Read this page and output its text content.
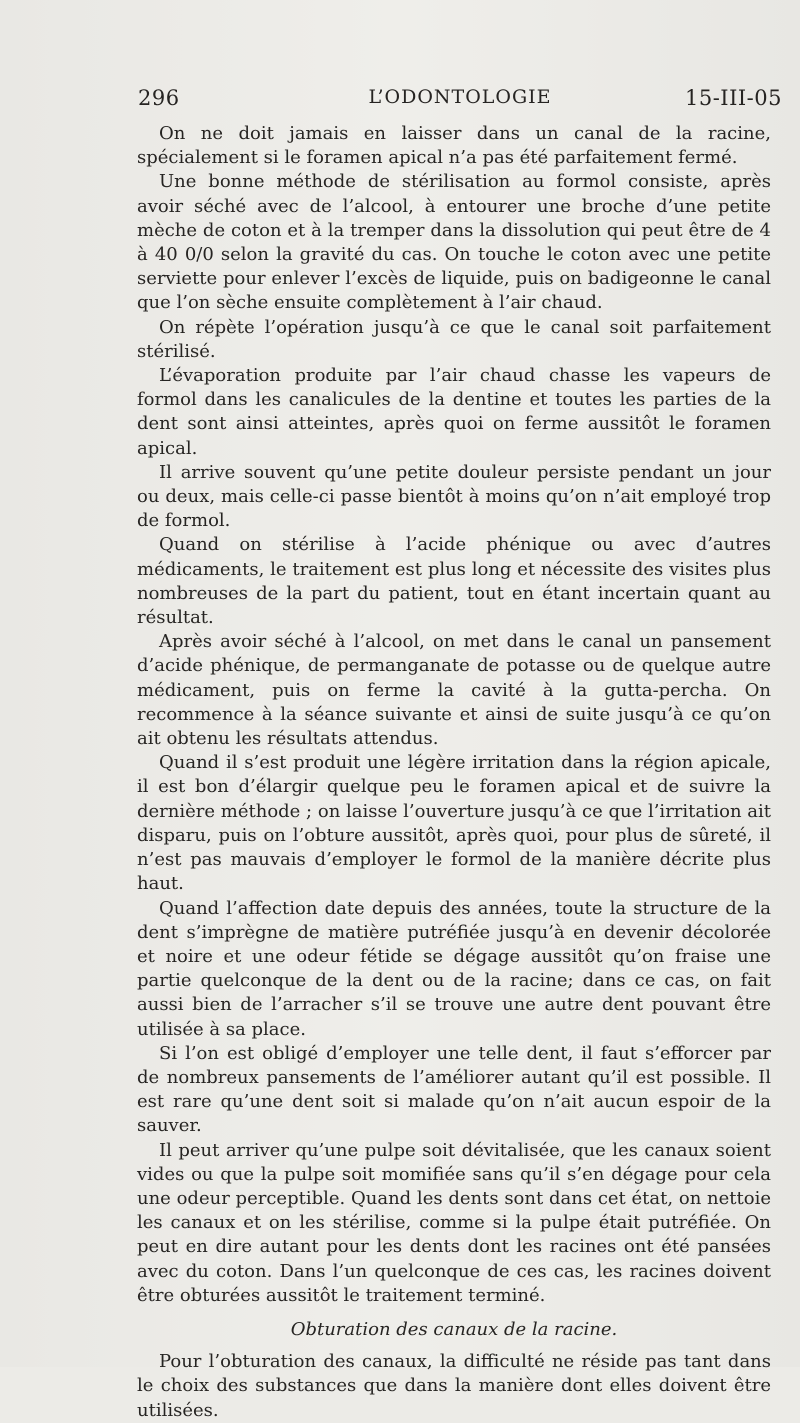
296	L’ODONTOLOGIE	15-III-05

On ne doit jamais en laisser dans un canal de la racine, spécialement si le foramen apical n’a pas été parfaitement fermé.

Une bonne méthode de stérilisation au formol consiste, après avoir séché avec de l’alcool, à entourer une broche d’une petite mèche de coton et à la tremper dans la dissolution qui peut être de 4 à 40 0/0 selon la gravité du cas. On touche le coton avec une petite serviette pour enlever l’excès de liquide, puis on badigeonne le canal que l’on sèche ensuite complètement à l’air chaud.

On répète l’opération jusqu’à ce que le canal soit parfaitement stérilisé.

L’évaporation produite par l’air chaud chasse les vapeurs de formol dans les canalicules de la dentine et toutes les parties de la dent sont ainsi atteintes, après quoi on ferme aussitôt le foramen apical.

Il arrive souvent qu’une petite douleur persiste pendant un jour ou deux, mais celle-ci passe bientôt à moins qu’on n’ait employé trop de formol.

Quand on stérilise à l’acide phénique ou avec d’autres médicaments, le traitement est plus long et nécessite des visites plus nombreuses de la part du patient, tout en étant incertain quant au résultat.

Après avoir séché à l’alcool, on met dans le canal un pansement d’acide phénique, de permanganate de potasse ou de quelque autre médicament, puis on ferme la cavité à la gutta-percha. On recommence à la séance suivante et ainsi de suite jusqu’à ce qu’on ait obtenu les résultats attendus.

Quand il s’est produit une légère irritation dans la région apicale, il est bon d’élargir quelque peu le foramen apical et de suivre la dernière méthode ; on laisse l’ouverture jusqu’à ce que l’irritation ait disparu, puis on l’obture aussitôt, après quoi, pour plus de sûreté, il n’est pas mauvais d’employer le formol de la manière décrite plus haut.

Quand l’affection date depuis des années, toute la structure de la dent s’imprègne de matière putréfiée jusqu’à en devenir décolorée et noire et une odeur fétide se dégage aussitôt qu’on fraise une partie quelconque de la dent ou de la racine; dans ce cas, on fait aussi bien de l’arracher s’il se trouve une autre dent pouvant être utilisée à sa place.

Si l’on est obligé d’employer une telle dent, il faut s’efforcer par de nombreux pansements de l’améliorer autant qu’il est possible. Il est rare qu’une dent soit si malade qu’on n’ait aucun espoir de la sauver.

Il peut arriver qu’une pulpe soit dévitalisée, que les canaux soient vides ou que la pulpe soit momifiée sans qu’il s’en dégage pour cela une odeur perceptible. Quand les dents sont dans cet état, on nettoie les canaux et on les stérilise, comme si la pulpe était putréfiée. On peut en dire autant pour les dents dont les racines ont été pansées avec du coton. Dans l’un quelconque de ces cas, les racines doivent être obturées aussitôt le traitement terminé.

Obturation des canaux de la racine.

Pour l’obturation des canaux, la difficulté ne réside pas tant dans le choix des substances que dans la manière dont elles doivent être utilisées.
